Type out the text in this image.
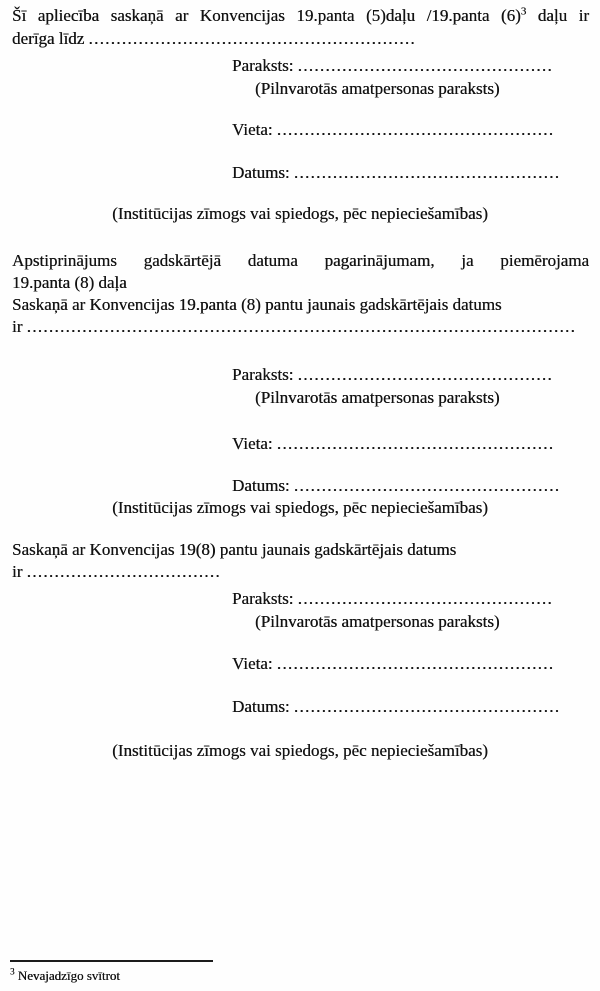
Šī apliecība saskaņā ar Konvencijas 19.panta (5)daļu /19.panta $(6)^3$ daļu ir
derīga līdz ...........................................................
Paraksts: ..............................................
(Pilnvarotās amatpersonas paraksts)
Vieta: ..................................................
Datums: ................................................
(Institūcijas zīmogs vai spiedogs, pēc nepieciešamības)
Apstiprinājums gadskārtējā datuma pagarinājumam, ja piemērojama
19.panta (8) daļa
Saskaņā ar Konvencijas 19.panta (8) pantu jaunais gadskārtējais datums
ir ...................................................................................................
Paraksts: ..............................................
(Pilnvarotās amatpersonas paraksts)
Vieta: ..................................................
Datums: ................................................
(Institūcijas zīmogs vai spiedogs, pēc nepieciešamības)
Saskaņā ar Konvencijas 19(8) pantu jaunais gadskārtējais datums
ir ...................................
Paraksts: ..............................................
(Pilnvarotās amatpersonas paraksts)
Vieta: ..................................................
Datums: ................................................
(Institūcijas zīmogs vai spiedogs, pēc nepieciešamības)
$^3$ Nevajadzīgo svītrot
